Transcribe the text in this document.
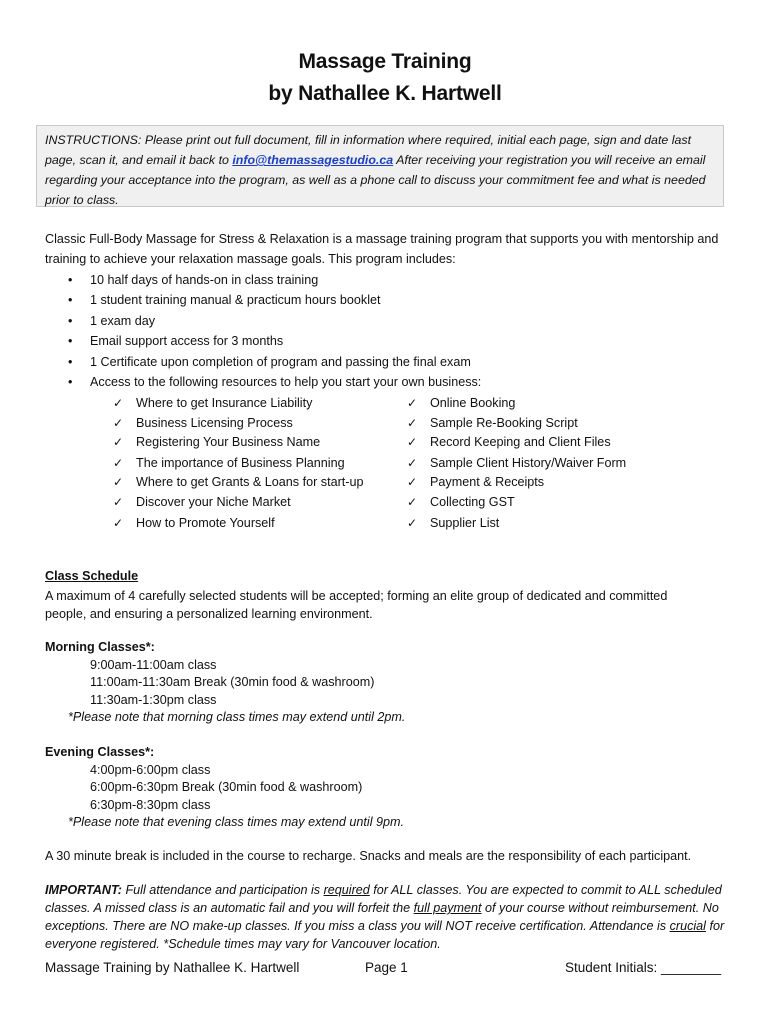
Massage Training
by Nathallee K. Hartwell
INSTRUCTIONS: Please print out full document, fill in information where required, initial each page, sign and date last page, scan it, and email it back to info@themassagestudio.ca After receiving your registration you will receive an email regarding your acceptance into the program, as well as a phone call to discuss your commitment fee and what is needed prior to class.
Classic Full-Body Massage for Stress & Relaxation is a massage training program that supports you with mentorship and
training to achieve your relaxation massage goals. This program includes:
• 10 half days of hands-on in class training
• 1 student training manual & practicum hours booklet
• 1 exam day
• Email support access for 3 months
• 1 Certificate upon completion of program and passing the final exam
• Access to the following resources to help you start your own business:
✓ Where to get Insurance Liability
✓ Business Licensing Process
✓ Registering Your Business Name
✓ The importance of Business Planning
✓ Where to get Grants & Loans for start-up
✓ Discover your Niche Market
✓ How to Promote Yourself
✓ Online Booking
✓ Sample Re-Booking Script
✓ Record Keeping and Client Files
✓ Sample Client History/Waiver Form
✓ Payment & Receipts
✓ Collecting GST
✓ Supplier List
Class Schedule
A maximum of 4 carefully selected students will be accepted; forming an elite group of dedicated and committed
people, and ensuring a personalized learning environment.
Morning Classes*:
9:00am-11:00am class
11:00am-11:30am Break (30min food & washroom)
11:30am-1:30pm class
*Please note that morning class times may extend until 2pm.
Evening Classes*:
4:00pm-6:00pm class
6:00pm-6:30pm Break (30min food & washroom)
6:30pm-8:30pm class
*Please note that evening class times may extend until 9pm.
A 30 minute break is included in the course to recharge. Snacks and meals are the responsibility of each participant.
IMPORTANT: Full attendance and participation is required for ALL classes. You are expected to commit to ALL scheduled classes. A missed class is an automatic fail and you will forfeit the full payment of your course without reimbursement. No exceptions. There are NO make-up classes. If you miss a class you will NOT receive certification. Attendance is crucial for everyone registered. *Schedule times may vary for Vancouver location.
Massage Training by Nathallee K. Hartwell	Page 1	Student Initials: ________
